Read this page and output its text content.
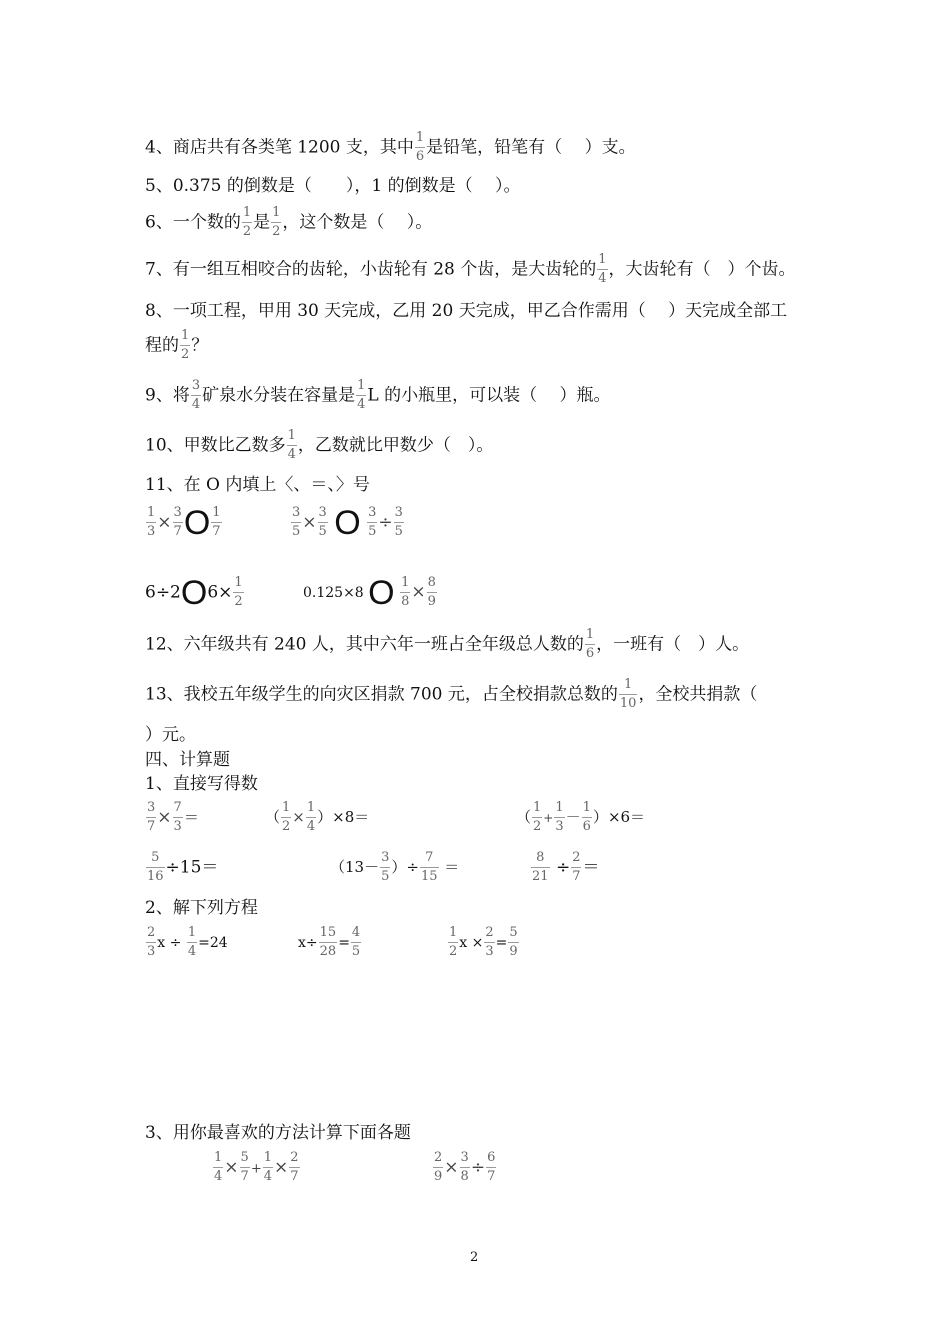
4、商店共有各类笔 1200 支，其中 $\frac{1}{6}$ 是铅笔，铅笔有（　 ）支。
5、0.375 的倒数是（　　），1 的倒数是（　 ）。
6、一个数的 $\frac{1}{2}$ 是 $\frac{1}{2}$ ，这个数是（　 ）。
7、有一组互相咬合的齿轮，小齿轮有 28 个齿，是大齿轮的 $\frac{1}{4}$ ，大齿轮有（　）个齿。
8、一项工程，甲用 30 天完成，乙用 20 天完成，甲乙合作需用（　 ）天完成全部工
程的 $\frac{1}{2}$ ？
9、将 $\frac{3}{4}$ 矿泉水分装在容量是 $\frac{1}{4}$ L 的小瓶里，可以装（　 ）瓶。
10、甲数比乙数多 $\frac{1}{4}$ ，乙数就比甲数少（　）。
11、在 O 内填上〈、＝、〉号
$\frac{1}{3} \times \frac{3}{7}$ O $\frac{1}{7}$	$\frac{3}{5} \times \frac{3}{5}$ O $\frac{3}{5} \div \frac{3}{5}$
$6\div 2O6\times \frac{1}{2}$	0.125×8 O $\frac{1}{8} \times \frac{8}{9}$
12、六年级共有 240 人，其中六年一班占全年级总人数的 $\frac{1}{6}$ ，一班有（　）人。
13、我校五年级学生的向灾区捐款 700 元，占全校捐款总数的 $\frac{1}{10}$ ，全校共捐款（
）元。
四、计算题
1、直接写得数
$\frac{3}{7} \times \frac{7}{3}$ ＝	（ $\frac{1}{2} \times \frac{1}{4} )\times 8=$	（ $\frac{1}{2} + \frac{1}{3} - \frac{1}{6} )\times 6=$
$\frac{5}{16} \div 15=$	（$13- \frac{3}{5}$ ）÷ $\frac{7}{15}$ ＝	$\frac{8}{21} \div \frac{2}{7}$ ＝
2、解下列方程
$\frac{2}{3}$ $x \div \frac{1}{4} =24$	$x\div \frac{15}{28} = \frac{4}{5}$	$\frac{1}{2}$ $x \times \frac{2}{3} = \frac{5}{9}$
3、用你最喜欢的方法计算下面各题
$\frac{1}{4} \times \frac{5}{7} + \frac{1}{4} \times \frac{2}{7}$	$\frac{2}{9} \times \frac{3}{8} \div \frac{6}{7}$
2
